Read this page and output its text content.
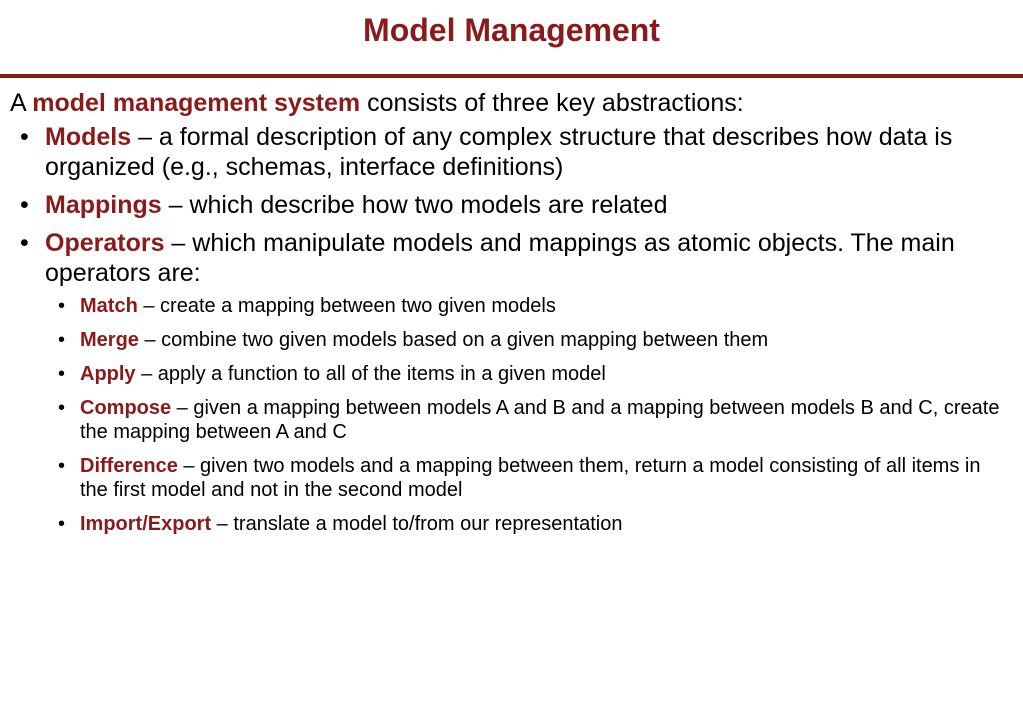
Model Management

A model management system consists of three key abstractions:

• Models – a formal description of any complex structure that describes how data is organized (e.g., schemas, interface definitions)
• Mappings – which describe how two models are related
• Operators – which manipulate models and mappings as atomic objects. The main operators are:
• Match – create a mapping between two given models
• Merge – combine two given models based on a given mapping between them
• Apply – apply a function to all of the items in a given model
• Compose – given a mapping between models A and B and a mapping between models B and C, create the mapping between A and C
• Difference – given two models and a mapping between them, return a model consisting of all items in the first model and not in the second model
• Import/Export – translate a model to/from our representation
